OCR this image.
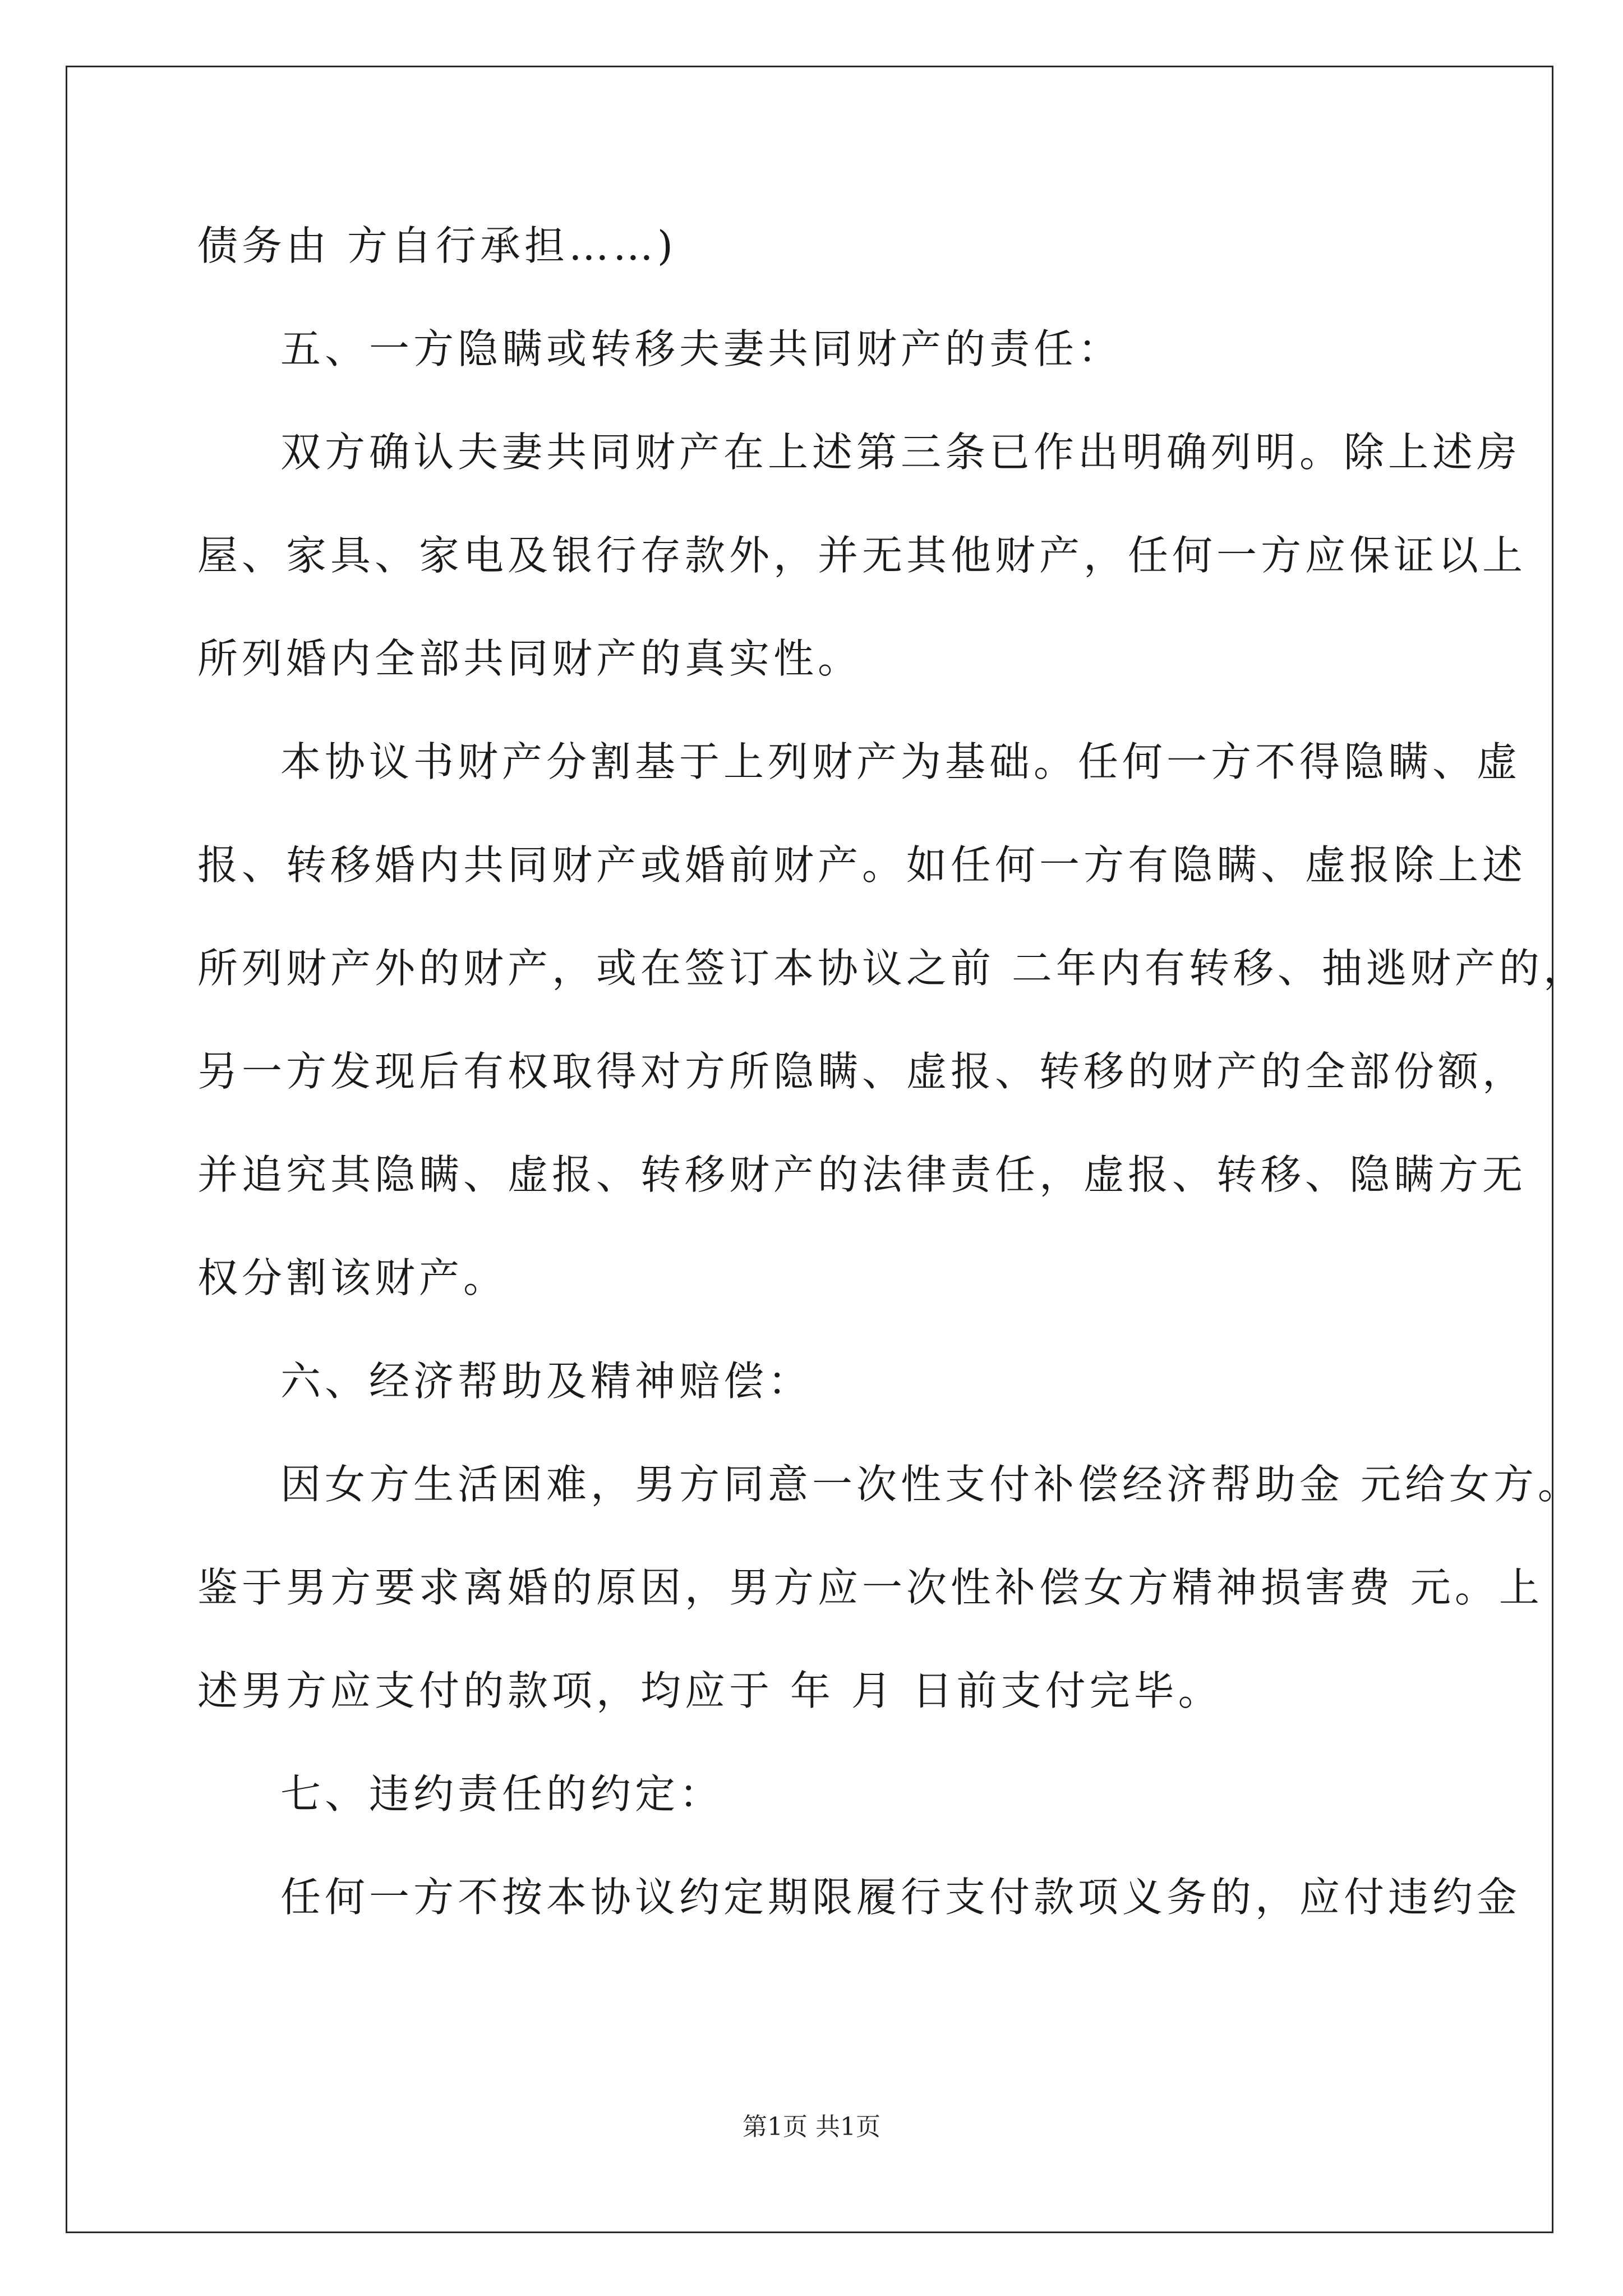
债务由 方自行承担……)
五、一方隐瞒或转移夫妻共同财产的责任：
双方确认夫妻共同财产在上述第三条已作出明确列明。除上述房
屋、家具、家电及银行存款外，并无其他财产，任何一方应保证以上
所列婚内全部共同财产的真实性。
本协议书财产分割基于上列财产为基础。任何一方不得隐瞒、虚
报、转移婚内共同财产或婚前财产。如任何一方有隐瞒、虚报除上述
所列财产外的财产，或在签订本协议之前 二年内有转移、抽逃财产的，
另一方发现后有权取得对方所隐瞒、虚报、转移的财产的全部份额，
并追究其隐瞒、虚报、转移财产的法律责任，虚报、转移、隐瞒方无
权分割该财产。
六、经济帮助及精神赔偿：
因女方生活困难，男方同意一次性支付补偿经济帮助金 元给女方。
鉴于男方要求离婚的原因，男方应一次性补偿女方精神损害费 元。上
述男方应支付的款项，均应于 年 月 日前支付完毕。
七、违约责任的约定：
任何一方不按本协议约定期限履行支付款项义务的，应付违约金
第1页 共1页
